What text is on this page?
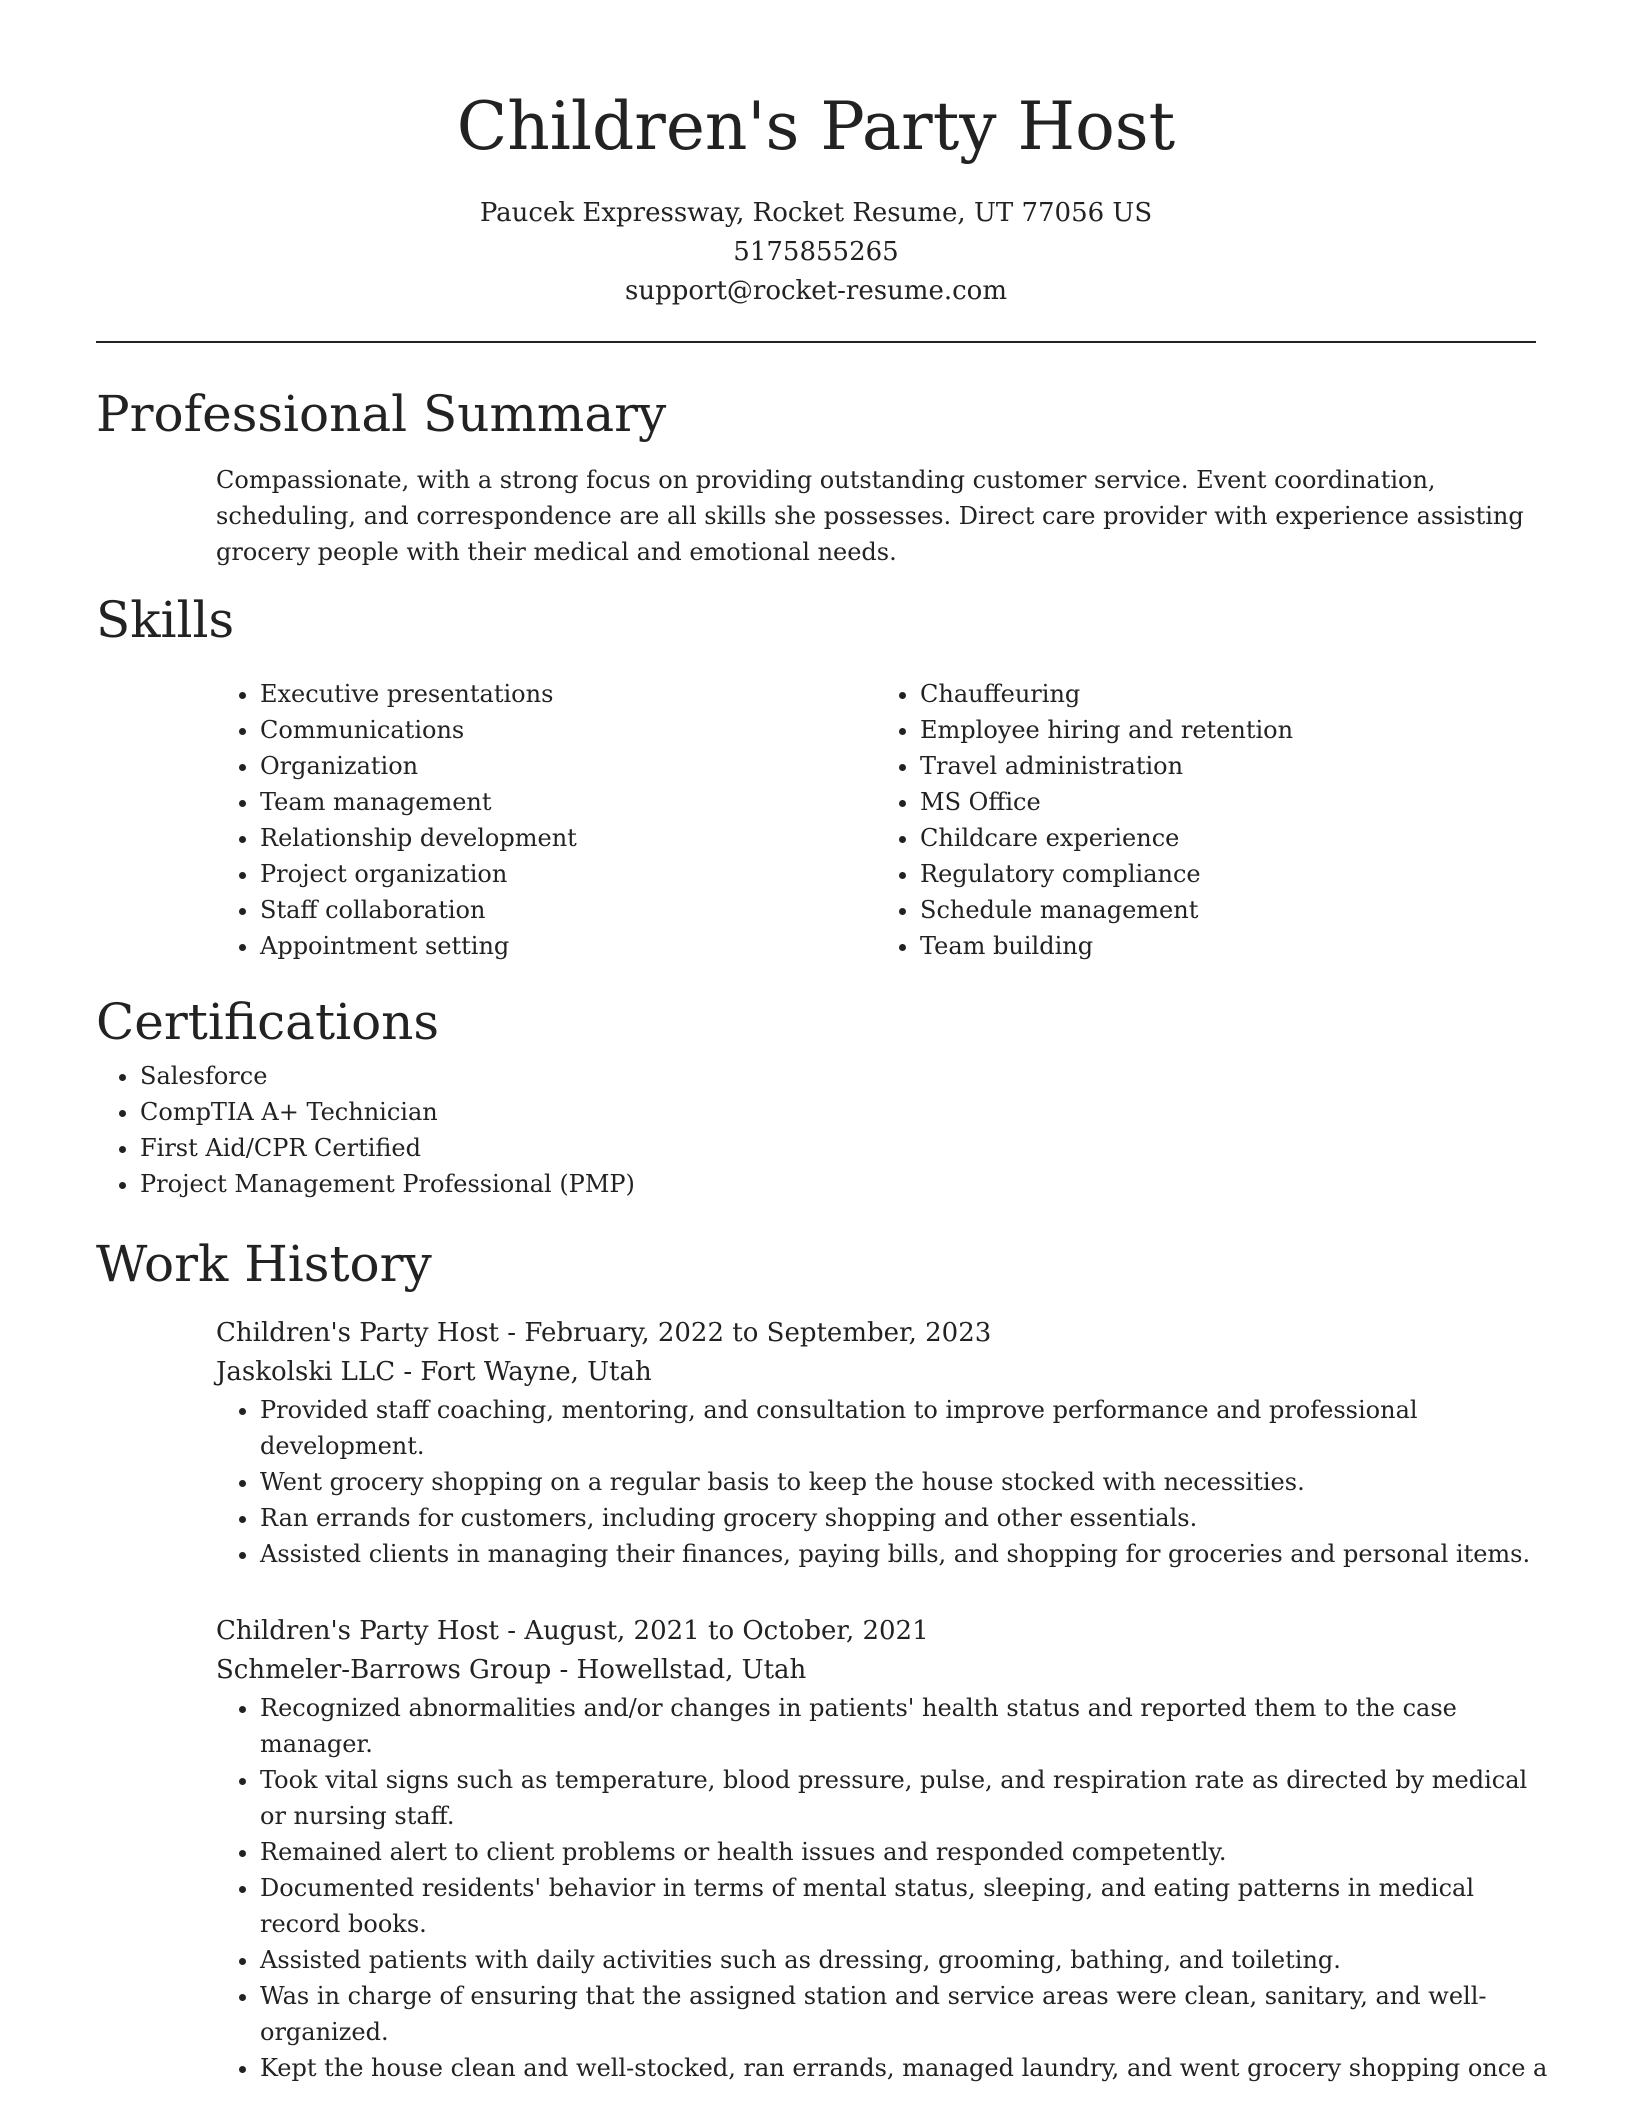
Children's Party Host
Paucek Expressway, Rocket Resume, UT 77056 US
5175855265
support@rocket-resume.com
Professional Summary

Compassionate, with a strong focus on providing outstanding customer service. Event coordination, scheduling, and correspondence are all skills she possesses. Direct care provider with experience assisting grocery people with their medical and emotional needs.

Skills
• Executive presentations
• Communications
• Organization
• Team management
• Relationship development
• Project organization
• Staff collaboration
• Appointment setting
• Chauffeuring
• Employee hiring and retention
• Travel administration
• MS Office
• Childcare experience
• Regulatory compliance
• Schedule management
• Team building
Certifications
• Salesforce
• CompTIA A+ Technician
• First Aid/CPR Certified
• Project Management Professional (PMP)
Work History
Children's Party Host - February, 2022 to September, 2023
Jaskolski LLC - Fort Wayne, Utah
• Provided staff coaching, mentoring, and consultation to improve performance and professional development.
• Went grocery shopping on a regular basis to keep the house stocked with necessities.
• Ran errands for customers, including grocery shopping and other essentials.
• Assisted clients in managing their finances, paying bills, and shopping for groceries and personal items.
Children's Party Host - August, 2021 to October, 2021
Schmeler-Barrows Group - Howellstad, Utah
• Recognized abnormalities and/or changes in patients' health status and reported them to the case manager.
• Took vital signs such as temperature, blood pressure, pulse, and respiration rate as directed by medical or nursing staff.
• Remained alert to client problems or health issues and responded competently.
• Documented residents' behavior in terms of mental status, sleeping, and eating patterns in medical record books.
• Assisted patients with daily activities such as dressing, grooming, bathing, and toileting.
• Was in charge of ensuring that the assigned station and service areas were clean, sanitary, and well-organized.
• Kept the house clean and well-stocked, ran errands, managed laundry, and went grocery shopping once a
